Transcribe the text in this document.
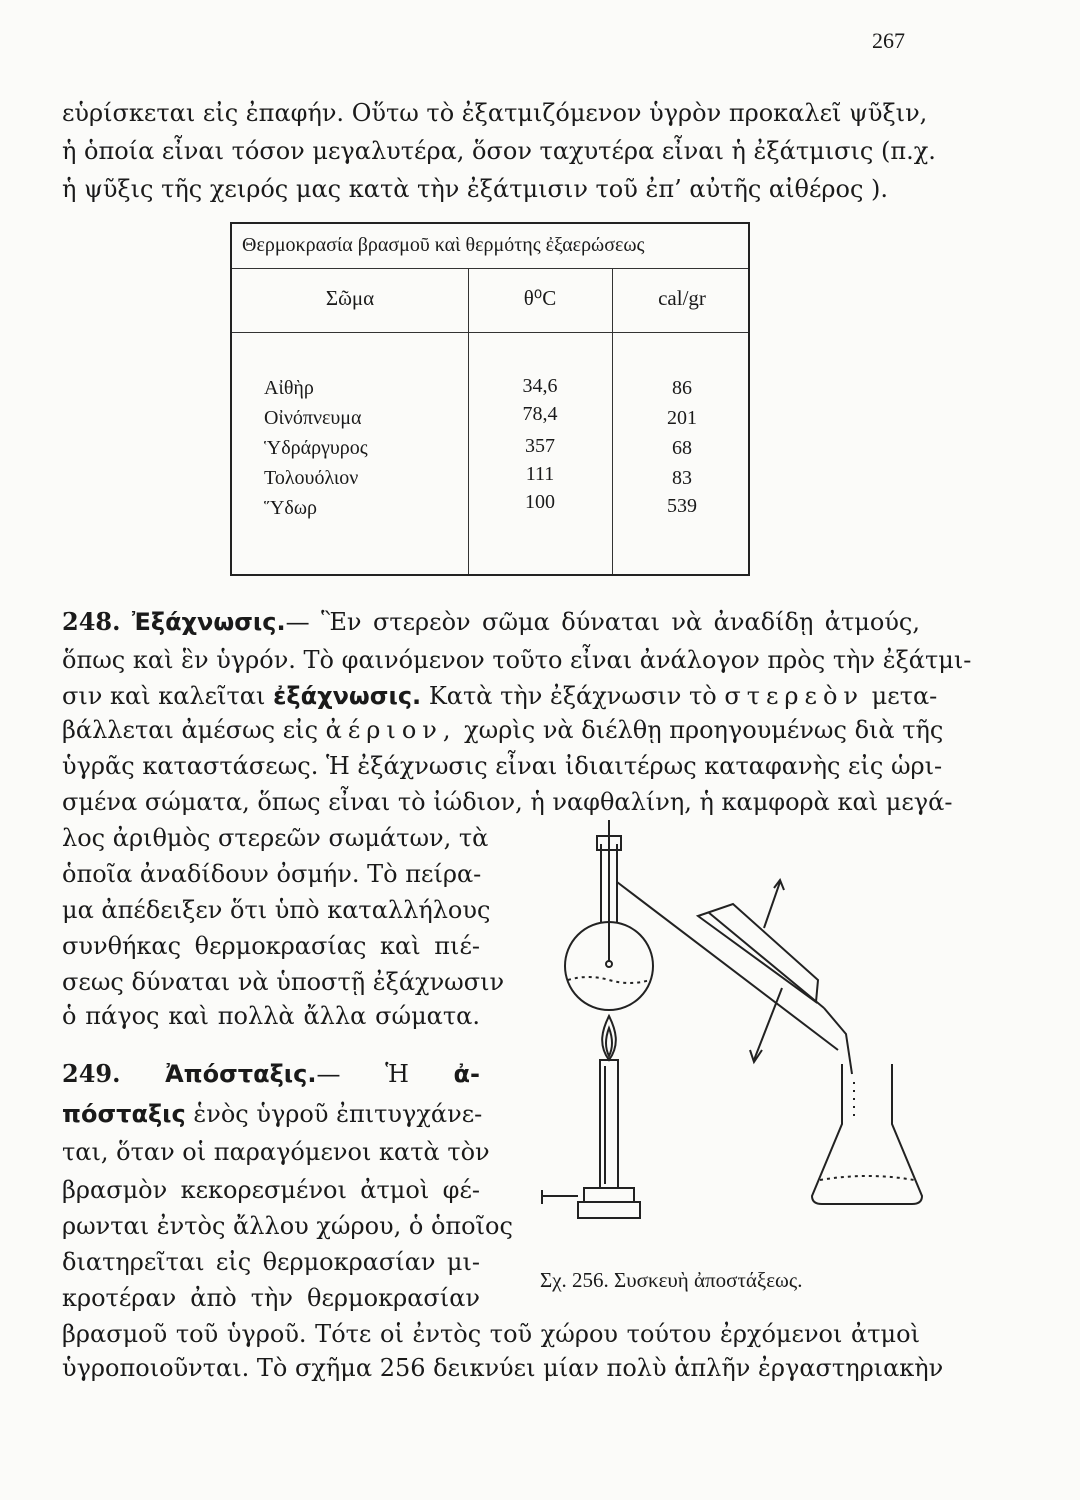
267
εὑρίσκεται εἰς ἐπαφήν. Οὕτω τὸ ἐξατμιζόμενον ὑγρὸν προκαλεῖ ψῦξιν,
ἡ ὁποία εἶναι τόσον μεγαλυτέρα, ὅσον ταχυτέρα εἶναι ἡ ἐξάτμισις (π.χ.
ἡ ψῦξις τῆς χειρός μας κατὰ τὴν ἐξάτμισιν τοῦ ἐπ’ αὐτῆς αἰθέρος ).
Θερμοκρασία βρασμοῦ καὶ θερμότης ἐξαερώσεως
Σῶμα	θ⁰C	cal/gr
Αἰθὴρ	34,6	86
Οἰνόπνευμα	78,4	201
Ὑδράργυρος	357	68
Τολουόλιον	111	83
Ὕδωρ	100	539
248. Ἐξάχνωσις.— Ἓν στερεὸν σῶμα δύναται νὰ ἀναδίδῃ ἀτμούς,
ὅπως καὶ ἓν ὑγρόν. Τὸ φαινόμενον τοῦτο εἶναι ἀνάλογον πρὸς τὴν ἐξάτμι-
σιν καὶ καλεῖται ἐξάχνωσις. Κατὰ τὴν ἐξάχνωσιν τὸ στερεὸν μετα-
βάλλεται ἀμέσως εἰς ἀέριον, χωρὶς νὰ διέλθῃ προηγουμένως διὰ τῆς
ὑγρᾶς καταστάσεως. Ἡ ἐξάχνωσις εἶναι ἰδιαιτέρως καταφανὴς εἰς ὡρι-
σμένα σώματα, ὅπως εἶναι τὸ ἰώδιον, ἡ ναφθαλίνη, ἡ καμφορὰ καὶ μεγά-
λος ἀριθμὸς στερεῶν σωμάτων, τὰ
ὁποῖα ἀναδίδουν ὀσμήν. Τὸ πείρα-
μα ἀπέδειξεν ὅτι ὑπὸ καταλλήλους
συνθήκας θερμοκρασίας καὶ πιέ-
σεως δύναται νὰ ὑποστῇ ἐξάχνωσιν
ὁ πάγος καὶ πολλὰ ἄλλα σώματα.
249. Ἀπόσταξις.— Ἡ ἀ-
πόσταξις ἑνὸς ὑγροῦ ἐπιτυγχάνε-
ται, ὅταν οἱ παραγόμενοι κατὰ τὸν
βρασμὸν κεκορεσμένοι ἀτμοὶ φέ-
ρωνται ἐντὸς ἄλλου χώρου, ὁ ὁποῖος
διατηρεῖται εἰς θερμοκρασίαν μι-
κροτέραν ἀπὸ τὴν θερμοκρασίαν
βρασμοῦ τοῦ ὑγροῦ. Τότε οἱ ἐντὸς τοῦ χώρου τούτου ἐρχόμενοι ἀτμοὶ
ὑγροποιοῦνται. Τὸ σχῆμα 256 δεικνύει μίαν πολὺ ἁπλῆν ἐργαστηριακὴν
Σχ. 256. Συσκευὴ ἀποστάξεως.
